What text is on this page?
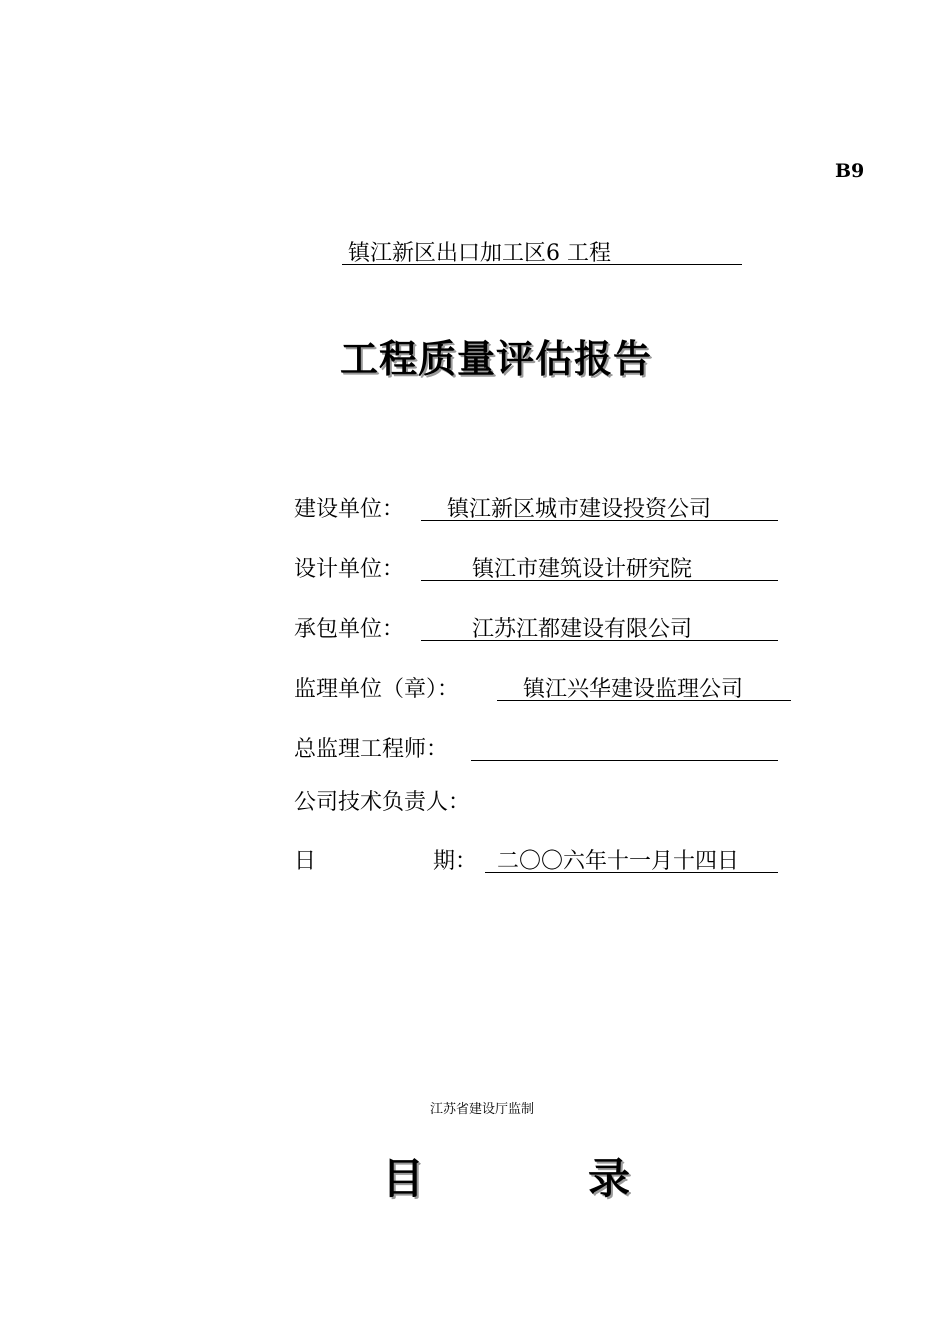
B9
镇江新区出口加工区6 工程
工程质量评估报告
建设单位： 镇江新区城市建设投资公司
设计单位：	镇江市建筑设计研究院
承包单位：	江苏江都建设有限公司
监理单位（章）：	镇江兴华建设监理公司
总监理工程师：
公司技术负责人：
日	期： 二〇〇六年十一月十四日
江苏省建设厅监制
目	录
